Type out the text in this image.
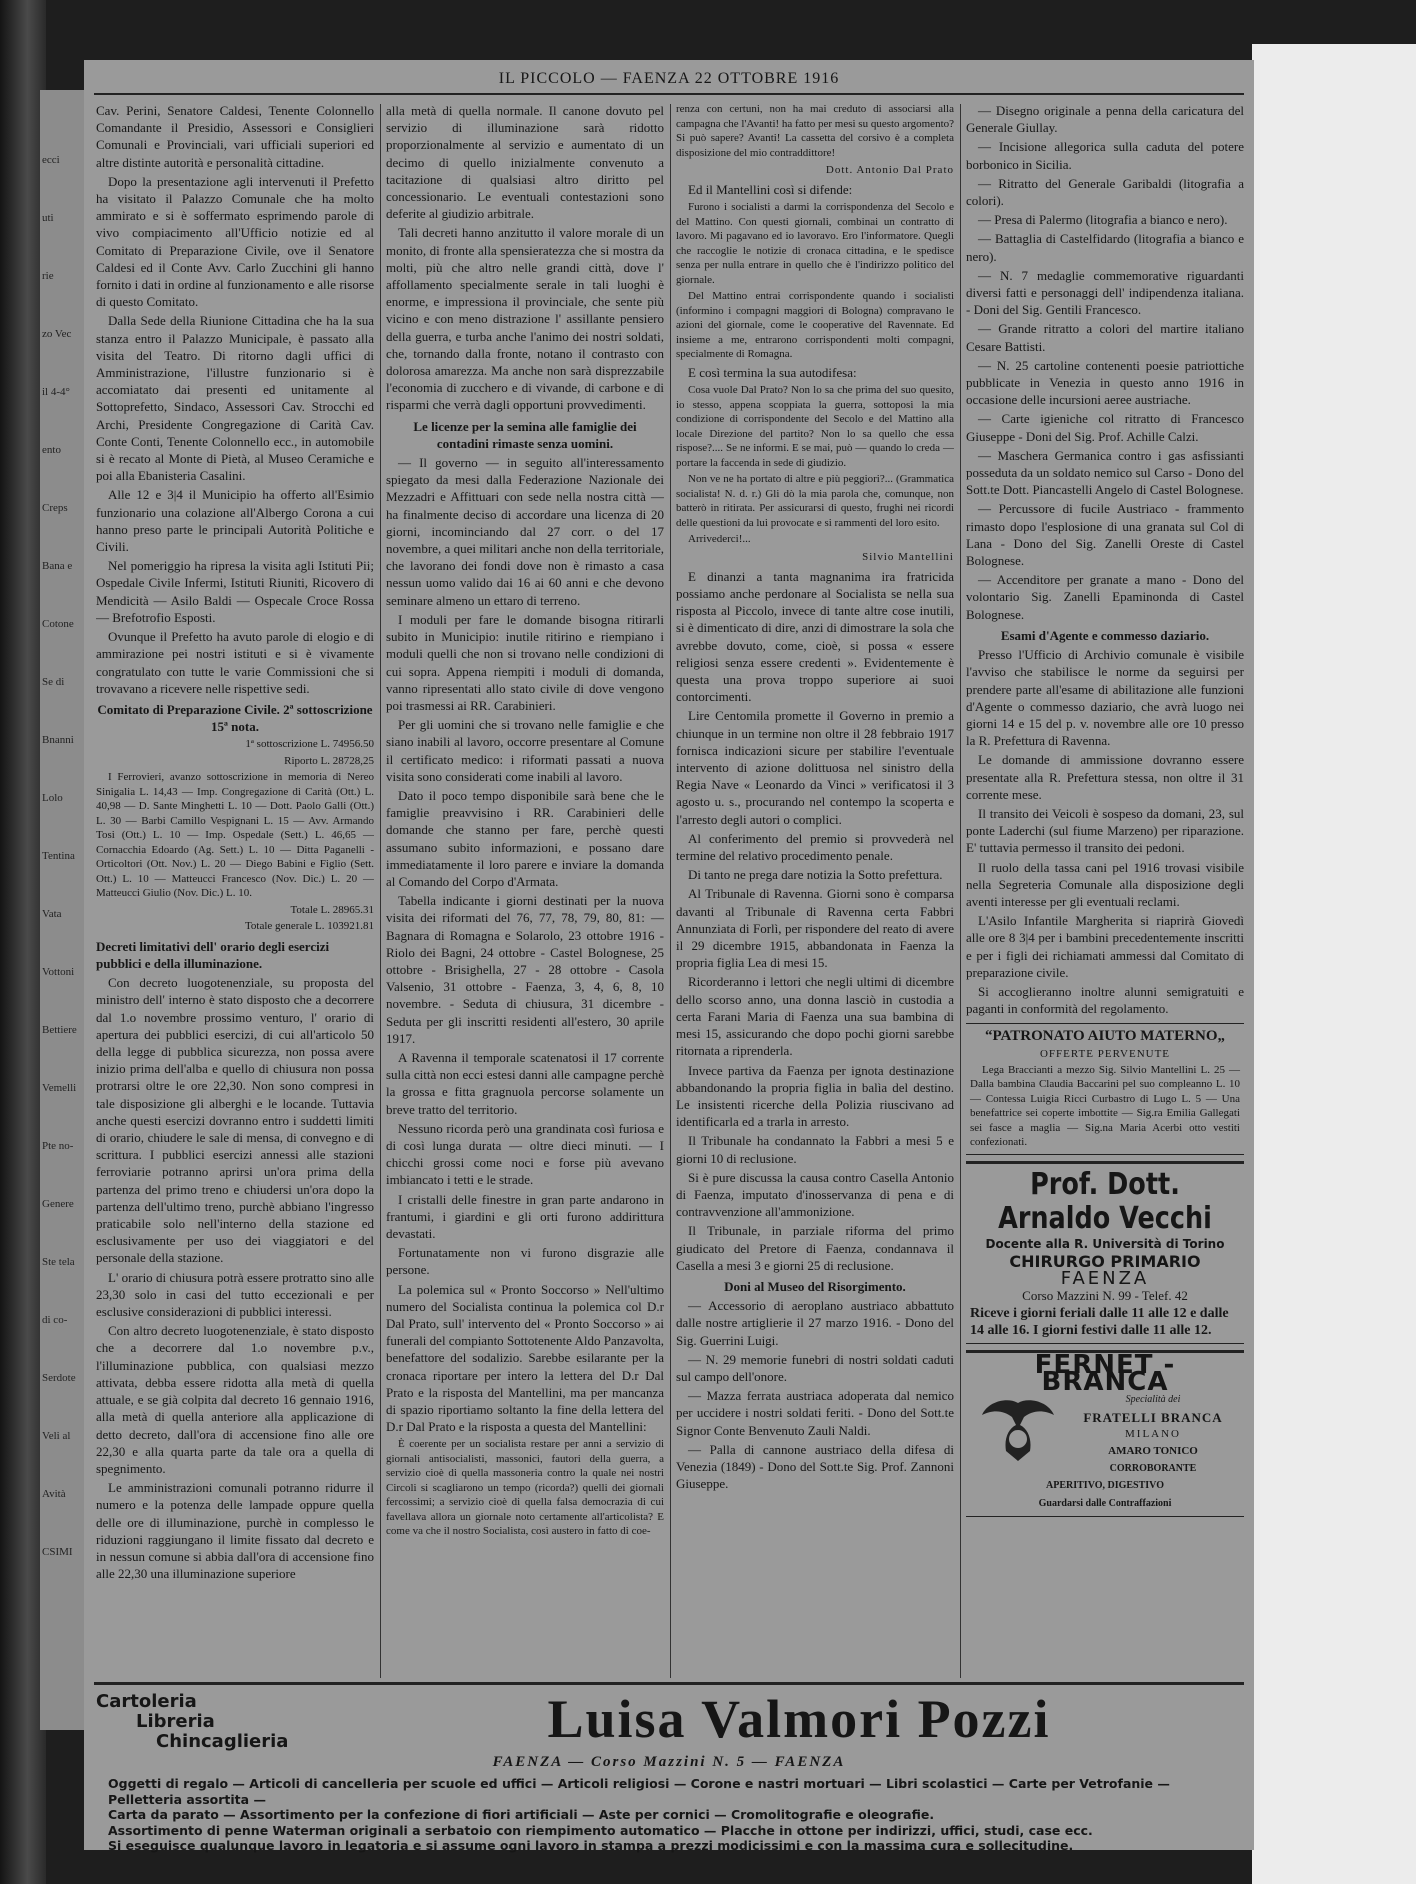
ecci
uti
rie
zo Vec
il 4-4°
ento
Creps
Bana e
Cotone
Se di
Bnanni
Lolo
Tentina
Vata
Vottoni
Bettiere
Vemelli
Pte no-
Genere
Ste tela
di co-
Serdote
Veli al
Avità
CSIMI
IL PICCOLO — FAENZA 22 OTTOBRE 1916

Cav. Perini, Senatore Caldesi, Tenente Colonnello Comandante il Presidio, Assessori e Consiglieri Comunali e Provinciali, vari ufficiali superiori ed altre distinte autorità e personalità cittadine.

Dopo la presentazione agli intervenuti il Prefetto ha visitato il Palazzo Comunale che ha molto ammirato e si è soffermato esprimendo parole di vivo compiacimento all'Ufficio notizie ed al Comitato di Preparazione Civile, ove il Senatore Caldesi ed il Conte Avv. Carlo Zucchini gli hanno fornito i dati in ordine al funzionamento e alle risorse di questo Comitato.

Dalla Sede della Riunione Cittadina che ha la sua stanza entro il Palazzo Municipale, è passato alla visita del Teatro. Di ritorno dagli uffici di Amministrazione, l'illustre funzionario si è accomiatato dai presenti ed unitamente al Sottoprefetto, Sindaco, Assessori Cav. Strocchi ed Archi, Presidente Congregazione di Carità Cav. Conte Conti, Tenente Colonnello ecc., in automobile si è recato al Monte di Pietà, al Museo Ceramiche e poi alla Ebanisteria Casalini.

Alle 12 e 3|4 il Municipio ha offerto all'Esimio funzionario una colazione all'Albergo Corona a cui hanno preso parte le principali Autorità Politiche e Civili.

Nel pomeriggio ha ripresa la visita agli Istituti Pii; Ospedale Civile Infermi, Istituti Riuniti, Ricovero di Mendicità — Asilo Baldi — Ospecale Croce Rossa — Brefotrofio Esposti.

Ovunque il Prefetto ha avuto parole di elogio e di ammirazione pei nostri istituti e si è vivamente congratulato con tutte le varie Commissioni che si trovavano a ricevere nelle rispettive sedi.

Comitato di Preparazione Civile. 2ª sottoscrizione 15ª nota.

1ª sottoscrizione L. 74956.50

Riporto L. 28728,25

I Ferrovieri, avanzo sottoscrizione in memoria di Nereo Sinigalia L. 14,43 — Imp. Congregazione di Carità (Ott.) L. 40,98 — D. Sante Minghetti L. 10 — Dott. Paolo Galli (Ott.) L. 30 — Barbi Camillo Vespignani L. 15 — Avv. Armando Tosi (Ott.) L. 10 — Imp. Ospedale (Sett.) L. 46,65 — Cornacchia Edoardo (Ag. Sett.) L. 10 — Ditta Paganelli - Orticoltori (Ott. Nov.) L. 20 — Diego Babini e Figlio (Sett. Ott.) L. 10 — Matteucci Francesco (Nov. Dic.) L. 20 — Matteucci Giulio (Nov. Dic.) L. 10.

Totale L. 28965.31

Totale generale L. 103921.81

Decreti limitativi dell' orario degli esercizi pubblici e della illuminazione.

Con decreto luogotenenziale, su proposta del ministro dell' interno è stato disposto che a decorrere dal 1.o novembre prossimo venturo, l' orario di apertura dei pubblici esercizi, di cui all'articolo 50 della legge di pubblica sicurezza, non possa avere inizio prima dell'alba e quello di chiusura non possa protrarsi oltre le ore 22,30. Non sono compresi in tale disposizione gli alberghi e le locande. Tuttavia anche questi esercizi dovranno entro i suddetti limiti di orario, chiudere le sale di mensa, di convegno e di scrittura. I pubblici esercizi annessi alle stazioni ferroviarie potranno aprirsi un'ora prima della partenza del primo treno e chiudersi un'ora dopo la partenza dell'ultimo treno, purchè abbiano l'ingresso praticabile solo nell'interno della stazione ed esclusivamente per uso dei viaggiatori e del personale della stazione.

L' orario di chiusura potrà essere protratto sino alle 23,30 solo in casi del tutto eccezionali e per esclusive considerazioni di pubblici interessi.

Con altro decreto luogotenenziale, è stato disposto che a decorrere dal 1.o novembre p.v., l'illuminazione pubblica, con qualsiasi mezzo attivata, debba essere ridotta alla metà di quella attuale, e se già colpita dal decreto 16 gennaio 1916, alla metà di quella anteriore alla applicazione di detto decreto, dall'ora di accensione fino alle ore 22,30 e alla quarta parte da tale ora a quella di spegnimento.

Le amministrazioni comunali potranno ridurre il numero e la potenza delle lampade oppure quella delle ore di illuminazione, purchè in complesso le riduzioni raggiungano il limite fissato dal decreto e in nessun comune si abbia dall'ora di accensione fino alle 22,30 una illuminazione superiore

alla metà di quella normale. Il canone dovuto pel servizio di illuminazione sarà ridotto proporzionalmente al servizio e aumentato di un decimo di quello inizialmente convenuto a tacitazione di qualsiasi altro diritto pel concessionario. Le eventuali contestazioni sono deferite al giudizio arbitrale.

Tali decreti hanno anzitutto il valore morale di un monito, di fronte alla spensieratezza che si mostra da molti, più che altro nelle grandi città, dove l' affollamento specialmente serale in tali luoghi è enorme, e impressiona il provinciale, che sente più vicino e con meno distrazione l' assillante pensiero della guerra, e turba anche l'animo dei nostri soldati, che, tornando dalla fronte, notano il contrasto con dolorosa amarezza. Ma anche non sarà disprezzabile l'economia di zucchero e di vivande, di carbone e di risparmi che verrà dagli opportuni provvedimenti.

Le licenze per la semina alle famiglie dei contadini rimaste senza uomini.

— Il governo — in seguito all'interessamento spiegato da mesi dalla Federazione Nazionale dei Mezzadri e Affittuari con sede nella nostra città — ha finalmente deciso di accordare una licenza di 20 giorni, incominciando dal 27 corr. o del 17 novembre, a quei militari anche non della territoriale, che lavorano dei fondi dove non è rimasto a casa nessun uomo valido dai 16 ai 60 anni e che devono seminare almeno un ettaro di terreno.

I moduli per fare le domande bisogna ritirarli subito in Municipio: inutile ritirino e riempiano i moduli quelli che non si trovano nelle condizioni di cui sopra. Appena riempiti i moduli di domanda, vanno ripresentati allo stato civile di dove vengono poi trasmessi ai RR. Carabinieri.

Per gli uomini che si trovano nelle famiglie e che siano inabili al lavoro, occorre presentare al Comune il certificato medico: i riformati passati a nuova visita sono considerati come inabili al lavoro.

Dato il poco tempo disponibile sarà bene che le famiglie preavvisino i RR. Carabinieri delle domande che stanno per fare, perchè questi assumano subito informazioni, e possano dare immediatamente il loro parere e inviare la domanda al Comando del Corpo d'Armata.

Tabella indicante i giorni destinati per la nuova visita dei riformati del 76, 77, 78, 79, 80, 81: — Bagnara di Romagna e Solarolo, 23 ottobre 1916 - Riolo dei Bagni, 24 ottobre - Castel Bolognese, 25 ottobre - Brisighella, 27 - 28 ottobre - Casola Valsenio, 31 ottobre - Faenza, 3, 4, 6, 8, 10 novembre. - Seduta di chiusura, 31 dicembre - Seduta per gli inscritti residenti all'estero, 30 aprile 1917.

A Ravenna il temporale scatenatosi il 17 corrente sulla città non ecci estesi danni alle campagne perchè la grossa e fitta gragnuola percorse solamente un breve tratto del territorio.

Nessuno ricorda però una grandinata così furiosa e di così lunga durata — oltre dieci minuti. — I chicchi grossi come noci e forse più avevano imbiancato i tetti e le strade.

I cristalli delle finestre in gran parte andarono in frantumi, i giardini e gli orti furono addirittura devastati.

Fortunatamente non vi furono disgrazie alle persone.

La polemica sul « Pronto Soccorso » Nell'ultimo numero del Socialista continua la polemica col D.r Dal Prato, sull' intervento del « Pronto Soccorso » ai funerali del compianto Sottotenente Aldo Panzavolta, benefattore del sodalizio. Sarebbe esilarante per la cronaca riportare per intero la lettera del D.r Dal Prato e la risposta del Mantellini, ma per mancanza di spazio riportiamo soltanto la fine della lettera del D.r Dal Prato e la risposta a questa del Mantellini:

È coerente per un socialista restare per anni a servizio di giornali antisocialisti, massonici, fautori della guerra, a servizio cioè di quella massoneria contro la quale nei nostri Circoli si scagliarono un tempo (ricorda?) quelli dei giornali fercossimi; a servizio cioè di quella falsa democrazia di cui favellava allora un giornale noto certamente all'articolista? E come va che il nostro Socialista, così austero in fatto di coe-

renza con certuni, non ha mai creduto di associarsi alla campagna che l'Avanti! ha fatto per mesi su questo argomento? Si può sapere? Avanti! La cassetta del corsivo è a completa disposizione del mio contraddittore!

Dott. Antonio Dal Prato

Ed il Mantellini così si difende:

Furono i socialisti a darmi la corrispondenza del Secolo e del Mattino. Con questi giornali, combinai un contratto di lavoro. Mi pagavano ed io lavoravo. Ero l'informatore. Quegli che raccoglie le notizie di cronaca cittadina, e le spedisce senza per nulla entrare in quello che è l'indirizzo politico del giornale.

Del Mattino entrai corrispondente quando i socialisti (informino i compagni maggiori di Bologna) compravano le azioni del giornale, come le cooperative del Ravennate. Ed insieme a me, entrarono corrispondenti molti compagni, specialmente di Romagna.

E così termina la sua autodifesa:

Cosa vuole Dal Prato? Non lo sa che prima del suo quesito, io stesso, appena scoppiata la guerra, sottoposi la mia condizione di corrispondente del Secolo e del Mattino alla locale Direzione del partito? Non lo sa quello che essa rispose?.... Se ne informi. E se mai, può — quando lo creda — portare la faccenda in sede di giudizio.

Non ve ne ha portato di altre e più peggiori?... (Grammatica socialista! N. d. r.) Gli dò la mia parola che, comunque, non batterò in ritirata. Per assicurarsi di questo, frughi nei ricordi delle questioni da lui provocate e si rammenti del loro esito.

Arrivederci!...

Silvio Mantellini

E dinanzi a tanta magnanima ira fratricida possiamo anche perdonare al Socialista se nella sua risposta al Piccolo, invece di tante altre cose inutili, si è dimenticato di dire, anzi di dimostrare la sola che avrebbe dovuto, come, cioè, si possa « essere religiosi senza essere credenti ». Evidentemente è questa una prova troppo superiore ai suoi contorcimenti.

Lire Centomila promette il Governo in premio a chiunque in un termine non oltre il 28 febbraio 1917 fornisca indicazioni sicure per stabilire l'eventuale intervento di azione dolittuosa nel sinistro della Regia Nave « Leonardo da Vinci » verificatosi il 3 agosto u. s., procurando nel contempo la scoperta e l'arresto degli autori o complici.

Al conferimento del premio si provvederà nel termine del relativo procedimento penale.

Di tanto ne prega dare notizia la Sotto prefettura.

Al Tribunale di Ravenna. Giorni sono è comparsa davanti al Tribunale di Ravenna certa Fabbri Annunziata di Forlì, per rispondere del reato di avere il 29 dicembre 1915, abbandonata in Faenza la propria figlia Lea di mesi 15.

Ricorderanno i lettori che negli ultimi di dicembre dello scorso anno, una donna lasciò in custodia a certa Farani Maria di Faenza una sua bambina di mesi 15, assicurando che dopo pochi giorni sarebbe ritornata a riprenderla.

Invece partiva da Faenza per ignota destinazione abbandonando la propria figlia in balìa del destino. Le insistenti ricerche della Polizia riuscivano ad identificarla ed a trarla in arresto.

Il Tribunale ha condannato la Fabbri a mesi 5 e giorni 10 di reclusione.

Si è pure discussa la causa contro Casella Antonio di Faenza, imputato d'inosservanza di pena e di contravvenzione all'ammonizione.

Il Tribunale, in parziale riforma del primo giudicato del Pretore di Faenza, condannava il Casella a mesi 3 e giorni 25 di reclusione.

Doni al Museo del Risorgimento.

— Accessorio di aeroplano austriaco abbattuto dalle nostre artiglierie il 27 marzo 1916. - Dono del Sig. Guerrini Luigi.

— N. 29 memorie funebri di nostri soldati caduti sul campo dell'onore.

— Mazza ferrata austriaca adoperata dal nemico per uccidere i nostri soldati feriti. - Dono del Sott.te Signor Conte Benvenuto Zauli Naldi.

— Palla di cannone austriaco della difesa di Venezia (1849) - Dono del Sott.te Sig. Prof. Zannoni Giuseppe.

— Disegno originale a penna della caricatura del Generale Giullay.

— Incisione allegorica sulla caduta del potere borbonico in Sicilia.

— Ritratto del Generale Garibaldi (litografia a colori).

— Presa di Palermo (litografia a bianco e nero).

— Battaglia di Castelfidardo (litografia a bianco e nero).

— N. 7 medaglie commemorative riguardanti diversi fatti e personaggi dell' indipendenza italiana. - Doni del Sig. Gentili Francesco.

— Grande ritratto a colori del martire italiano Cesare Battisti.

— N. 25 cartoline contenenti poesie patriottiche pubblicate in Venezia in questo anno 1916 in occasione delle incursioni aeree austriache.

— Carte igieniche col ritratto di Francesco Giuseppe - Doni del Sig. Prof. Achille Calzi.

— Maschera Germanica contro i gas asfissianti posseduta da un soldato nemico sul Carso - Dono del Sott.te Dott. Piancastelli Angelo di Castel Bolognese.

— Percussore di fucile Austriaco - frammento rimasto dopo l'esplosione di una granata sul Col di Lana - Dono del Sig. Zanelli Oreste di Castel Bolognese.

— Accenditore per granate a mano - Dono del volontario Sig. Zanelli Epaminonda di Castel Bolognese.

Esami d'Agente e commesso daziario.

Presso l'Ufficio di Archivio comunale è visibile l'avviso che stabilisce le norme da seguirsi per prendere parte all'esame di abilitazione alle funzioni d'Agente o commesso daziario, che avrà luogo nei giorni 14 e 15 del p. v. novembre alle ore 10 presso la R. Prefettura di Ravenna.

Le domande di ammissione dovranno essere presentate alla R. Prefettura stessa, non oltre il 31 corrente mese.

Il transito dei Veicoli è sospeso da domani, 23, sul ponte Laderchi (sul fiume Marzeno) per riparazione. E' tuttavia permesso il transito dei pedoni.

Il ruolo della tassa cani pel 1916 trovasi visibile nella Segreteria Comunale alla disposizione degli aventi interesse per gli eventuali reclami.

L'Asilo Infantile Margherita si riaprirà Giovedì alle ore 8 3|4 per i bambini precedentemente inscritti e per i figli dei richiamati ammessi dal Comitato di preparazione civile.

Si accoglieranno inoltre alunni semigratuiti e paganti in conformità del regolamento.

“PATRONATO AIUTO MATERNO„
OFFERTE PERVENUTE
Lega Braccianti a mezzo Sig. Silvio Mantellini L. 25 — Dalla bambina Claudia Baccarini pel suo compleanno L. 10 — Contessa Luigia Ricci Curbastro di Lugo L. 5 — Una benefattrice sei coperte imbottite — Sig.ra Emilia Gallegati sei fasce a maglia — Sig.na Maria Acerbi otto vestiti confezionati.
Prof. Dott. Arnaldo Vecchi
Docente alla R. Università di Torino
CHIRURGO PRIMARIO
FAENZA
Corso Mazzini N. 99 - Telef. 42
Riceve i giorni feriali dalle 11 alle 12 e dalle 14 alle 16. I giorni festivi dalle 11 alle 12.
FERNET - BRANCA
Specialità dei
FRATELLI BRANCA
MILANO
AMARO TONICO
CORROBORANTE
APERITIVO, DIGESTIVO
Guardarsi dalle Contraffazioni
Cartoleria
Libreria
Chincaglieria	Luisa Valmori Pozzi
FAENZA — Corso Mazzini N. 5 — FAENZA
Oggetti di regalo — Articoli di cancelleria per scuole ed uffici — Articoli religiosi — Corone e nastri mortuari — Libri scolastici — Carte per Vetrofanie — Pelletteria assortita —
Carta da parato — Assortimento per la confezione di fiori artificiali — Aste per cornici — Cromolitografie e oleografie.
Assortimento di penne Waterman originali a serbatoio con riempimento automatico — Placche in ottone per indirizzi, uffici, studi, case ecc.
Si eseguisce qualunque lavoro in legatoria e si assume ogni lavoro in stampa a prezzi modicissimi e con la massima cura e sollecitudine.
